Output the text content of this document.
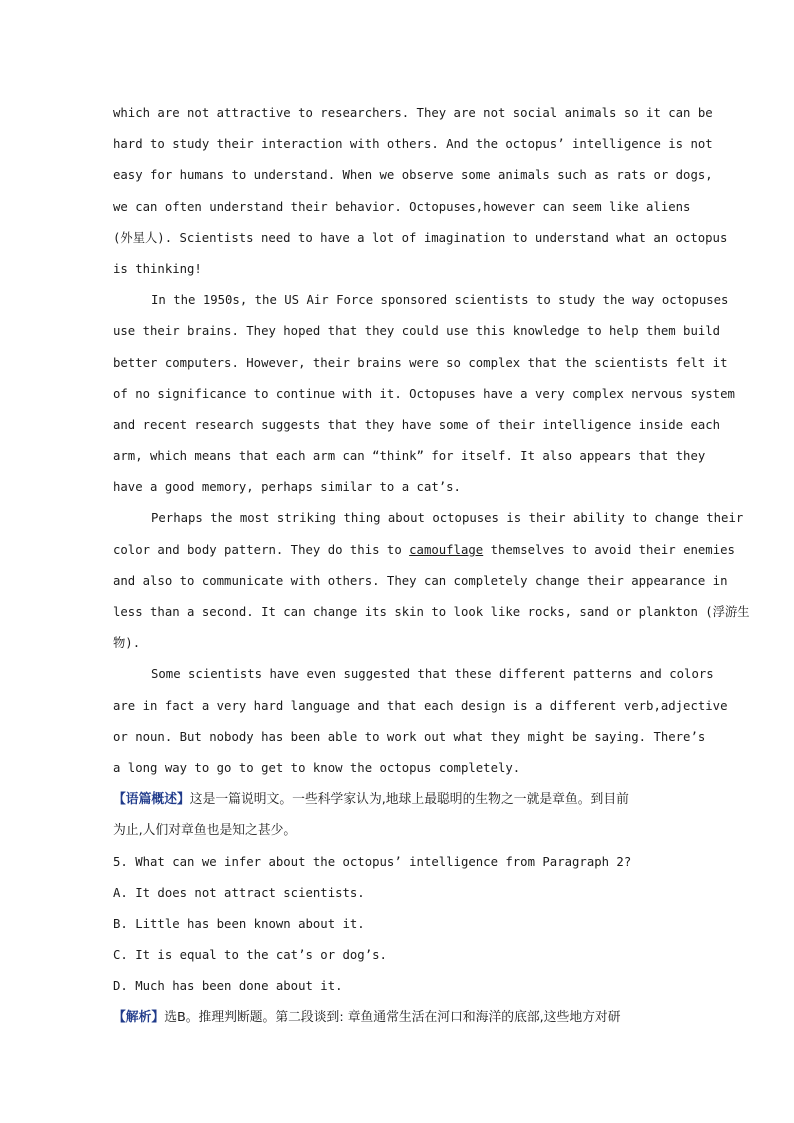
which are not attractive to researchers. They are not social animals so it can be
hard to study their interaction with others. And the octopus’ intelligence is not
easy for humans to understand. When we observe some animals such as rats or dogs,
we can often understand their behavior. Octopuses,however can seem like aliens
(外星人). Scientists need to have a lot of imagination to understand what an octopus
is thinking!
In the 1950s, the US Air Force sponsored scientists to study the way octopuses
use their brains. They hoped that they could use this knowledge to help them build
better computers. However, their brains were so complex that the scientists felt it
of no significance to continue with it. Octopuses have a very complex nervous system
and recent research suggests that they have some of their intelligence inside each
arm, which means that each arm can “think” for itself. It also appears that they
have a good memory, perhaps similar to a cat’s.
Perhaps the most striking thing about octopuses is their ability to change their
color and body pattern. They do this to camouflage themselves to avoid their enemies
and also to communicate with others. They can completely change their appearance in
less than a second. It can change its skin to look like rocks, sand or plankton (浮游生
物).
Some scientists have even suggested that these different patterns and colors
are in fact a very hard language and that each design is a different verb,adjective
or noun. But nobody has been able to work out what they might be saying. There’s
a long way to go to get to know the octopus completely.
【语篇概述】这是一篇说明文。一些科学家认为,地球上最聪明的生物之一就是章鱼。到目前
为止,人们对章鱼也是知之甚少。
5. What can we infer about the octopus’ intelligence from Paragraph 2?
A. It does not attract scientists.
B. Little has been known about it.
C. It is equal to the cat’s or dog’s.
D. Much has been done about it.
【解析】选B。推理判断题。第二段谈到: 章鱼通常生活在河口和海洋的底部,这些地方对研
